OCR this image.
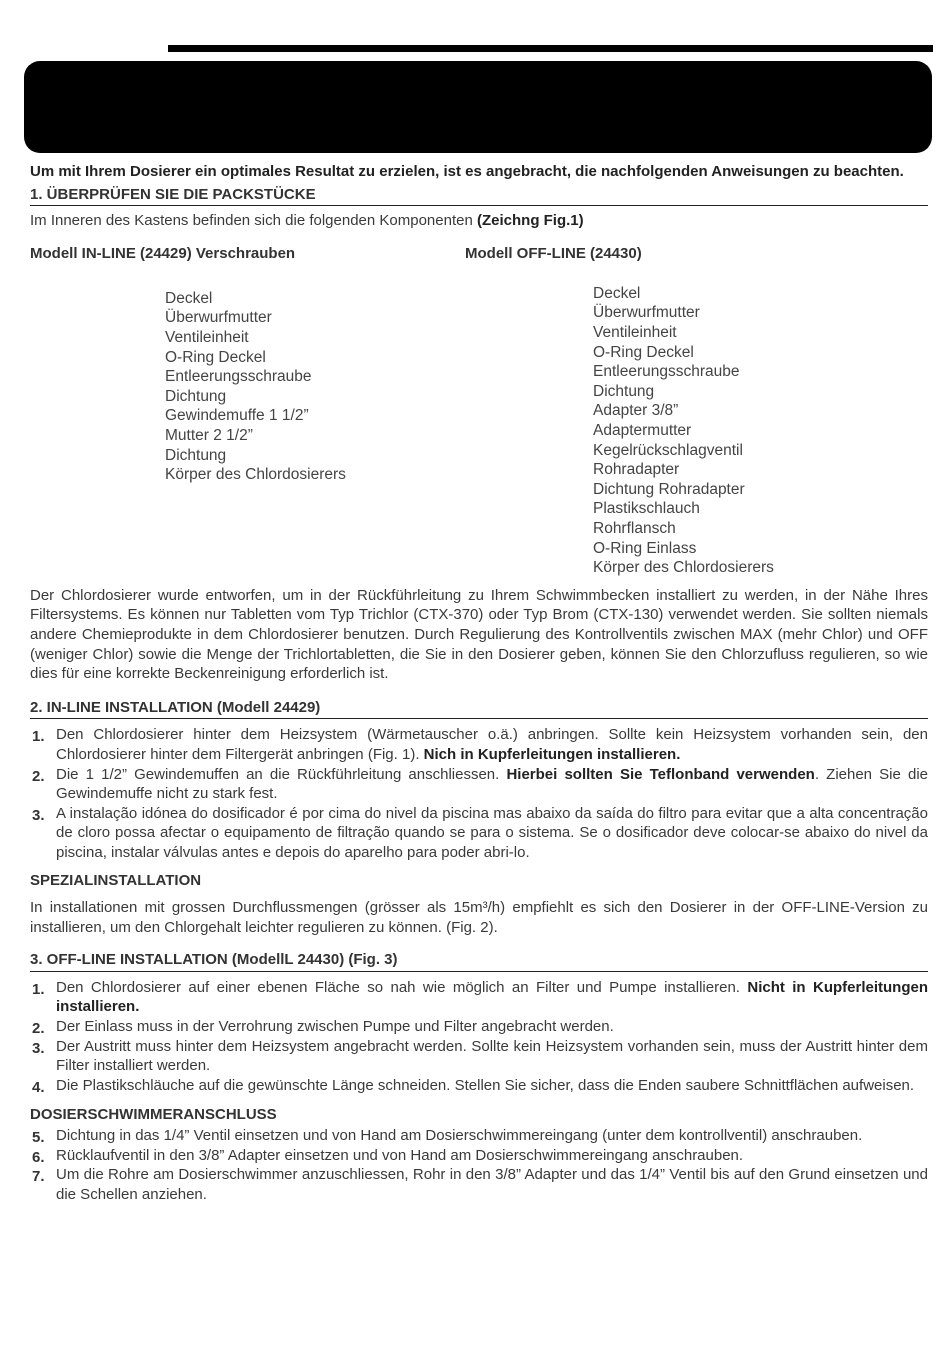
Um mit Ihrem Dosierer ein optimales Resultat zu erzielen, ist es angebracht, die nachfolgenden Anweisungen zu beachten.

1. ÜBERPRÜFEN SIE DIE PACKSTÜCKE

Im Inneren des Kastens befinden sich die folgenden Komponenten (Zeichng Fig.1)

Modell IN-LINE (24429) Verschrauben	Modell OFF-LINE (24430)
Deckel
Überwurfmutter
Ventileinheit
O-Ring Deckel
Entleerungsschraube
Dichtung
Gewindemuffe 1 1/2”
Mutter 2 1/2”
Dichtung
Körper des Chlordosierers
Deckel
Überwurfmutter
Ventileinheit
O-Ring Deckel
Entleerungsschraube
Dichtung
Adapter 3/8”
Adaptermutter
Kegelrückschlagventil
Rohradapter
Dichtung Rohradapter
Plastikschlauch
Rohrflansch
O-Ring Einlass
Körper des Chlordosierers

Der Chlordosierer wurde entworfen, um in der Rückführleitung zu Ihrem Schwimmbecken installiert zu werden, in der Nähe Ihres Filtersystems. Es können nur Tabletten vom Typ Trichlor (CTX-370) oder Typ Brom (CTX-130) verwendet werden. Sie sollten niemals andere Chemieprodukte in dem Chlordosierer benutzen. Durch Regulierung des Kontrollventils zwischen MAX (mehr Chlor) und OFF (weniger Chlor) sowie die Menge der Trichlortabletten, die Sie in den Dosierer geben, können Sie den Chlorzufluss regulieren, so wie dies für eine korrekte Beckenreinigung erforderlich ist.

2. IN-LINE INSTALLATION (Modell 24429)
1. Den Chlordosierer hinter dem Heizsystem (Wärmetauscher o.ä.) anbringen. Sollte kein Heizsystem vorhanden sein, den Chlordosierer hinter dem Filtergerät anbringen (Fig. 1). Nich in Kupferleitungen installieren.
2. Die 1 1/2” Gewindemuffen an die Rückführleitung anschliessen. Hierbei sollten Sie Teflonband verwenden. Ziehen Sie die Gewindemuffe nicht zu stark fest.
3. A instalação idónea do dosificador é por cima do nivel da piscina mas abaixo da saída do filtro para evitar que a alta concentração de cloro possa afectar o equipamento de filtração quando se para o sistema. Se o dosificador deve colocar-se abaixo do nivel da piscina, instalar válvulas antes e depois do aparelho para poder abri-lo.
SPEZIALINSTALLATION

In installationen mit grossen Durchflussmengen (grösser als 15m³/h) empfiehlt es sich den Dosierer in der OFF-LINE-Version zu installieren, um den Chlorgehalt leichter regulieren zu können. (Fig. 2).

3. OFF-LINE INSTALLATION (ModellL 24430) (Fig. 3)
1. Den Chlordosierer auf einer ebenen Fläche so nah wie möglich an Filter und Pumpe installieren. Nicht in Kupferleitungen installieren.
2. Der Einlass muss in der Verrohrung zwischen Pumpe und Filter angebracht werden.
3. Der Austritt muss hinter dem Heizsystem angebracht werden. Sollte kein Heizsystem vorhanden sein, muss der Austritt hinter dem Filter installiert werden.
4. Die Plastikschläuche auf die gewünschte Länge schneiden. Stellen Sie sicher, dass die Enden saubere Schnittflächen aufweisen.
DOSIERSCHWIMMERANSCHLUSS
5. Dichtung in das 1/4” Ventil einsetzen und von Hand am Dosierschwimmereingang (unter dem kontrollventil) anschrauben.
6. Rücklaufventil in den 3/8” Adapter einsetzen und von Hand am Dosierschwimmereingang anschrauben.
7. Um die Rohre am Dosierschwimmer anzuschliessen, Rohr in den 3/8” Adapter und das 1/4” Ventil bis auf den Grund einsetzen und die Schellen anziehen.
